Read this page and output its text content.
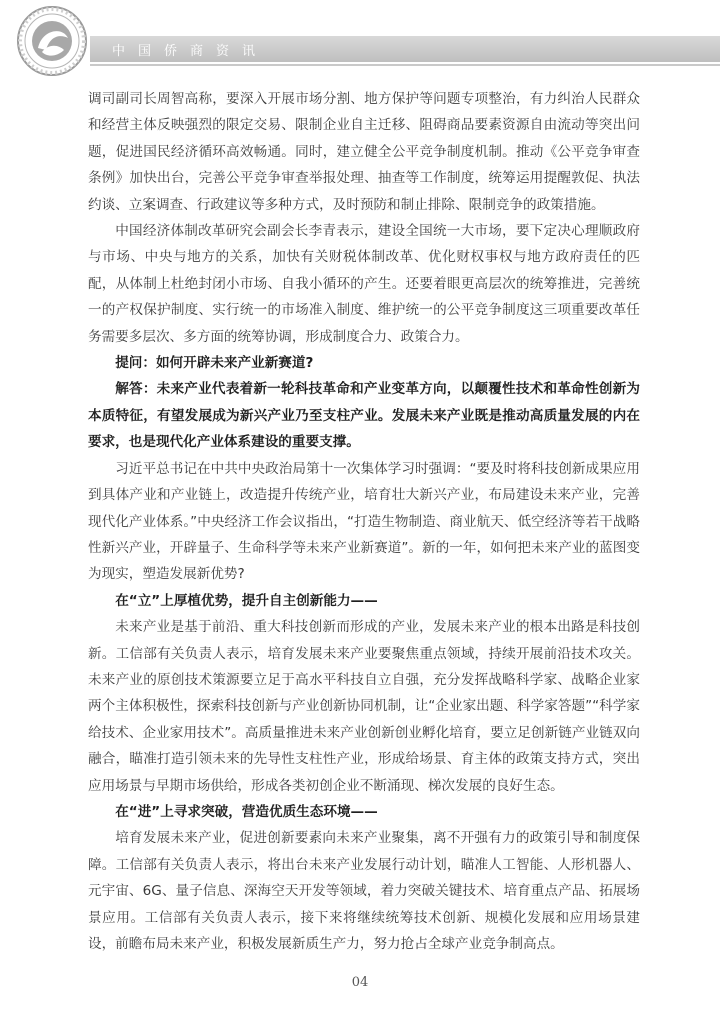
中国侨商资讯

调司副司长周智高称，要深入开展市场分割、地方保护等问题专项整治，有力纠治人民群众和经营主体反映强烈的限定交易、限制企业自主迁移、阻碍商品要素资源自由流动等突出问题，促进国民经济循环高效畅通。同时，建立健全公平竞争制度机制。推动《公平竞争审查条例》加快出台，完善公平竞争审查举报处理、抽查等工作制度，统筹运用提醒敦促、执法约谈、立案调查、行政建议等多种方式，及时预防和制止排除、限制竞争的政策措施。

中国经济体制改革研究会副会长李青表示，建设全国统一大市场，要下定决心理顺政府与市场、中央与地方的关系，加快有关财税体制改革、优化财权事权与地方政府责任的匹配，从体制上杜绝封闭小市场、自我小循环的产生。还要着眼更高层次的统筹推进，完善统一的产权保护制度、实行统一的市场准入制度、维护统一的公平竞争制度这三项重要改革任务需要多层次、多方面的统筹协调，形成制度合力、政策合力。

提问：如何开辟未来产业新赛道?

解答：未来产业代表着新一轮科技革命和产业变革方向，以颠覆性技术和革命性创新为本质特征，有望发展成为新兴产业乃至支柱产业。发展未来产业既是推动高质量发展的内在要求，也是现代化产业体系建设的重要支撑。

习近平总书记在中共中央政治局第十一次集体学习时强调：“要及时将科技创新成果应用到具体产业和产业链上，改造提升传统产业，培育壮大新兴产业，布局建设未来产业，完善现代化产业体系。”中央经济工作会议指出，“打造生物制造、商业航天、低空经济等若干战略性新兴产业，开辟量子、生命科学等未来产业新赛道”。新的一年，如何把未来产业的蓝图变为现实，塑造发展新优势?

在“立”上厚植优势，提升自主创新能力——

未来产业是基于前沿、重大科技创新而形成的产业，发展未来产业的根本出路是科技创新。工信部有关负责人表示，培育发展未来产业要聚焦重点领域，持续开展前沿技术攻关。未来产业的原创技术策源要立足于高水平科技自立自强，充分发挥战略科学家、战略企业家两个主体积极性，探索科技创新与产业创新协同机制，让“企业家出题、科学家答题”“科学家给技术、企业家用技术”。高质量推进未来产业创新创业孵化培育，要立足创新链产业链双向融合，瞄准打造引领未来的先导性支柱性产业，形成给场景、育主体的政策支持方式，突出应用场景与早期市场供给，形成各类初创企业不断涌现、梯次发展的良好生态。

在“进”上寻求突破，营造优质生态环境——

培育发展未来产业，促进创新要素向未来产业聚集，离不开强有力的政策引导和制度保障。工信部有关负责人表示，将出台未来产业发展行动计划，瞄准人工智能、人形机器人、元宇宙、6G、量子信息、深海空天开发等领域，着力突破关键技术、培育重点产品、拓展场景应用。工信部有关负责人表示，接下来将继续统筹技术创新、规模化发展和应用场景建设，前瞻布局未来产业，积极发展新质生产力，努力抢占全球产业竞争制高点。

04
